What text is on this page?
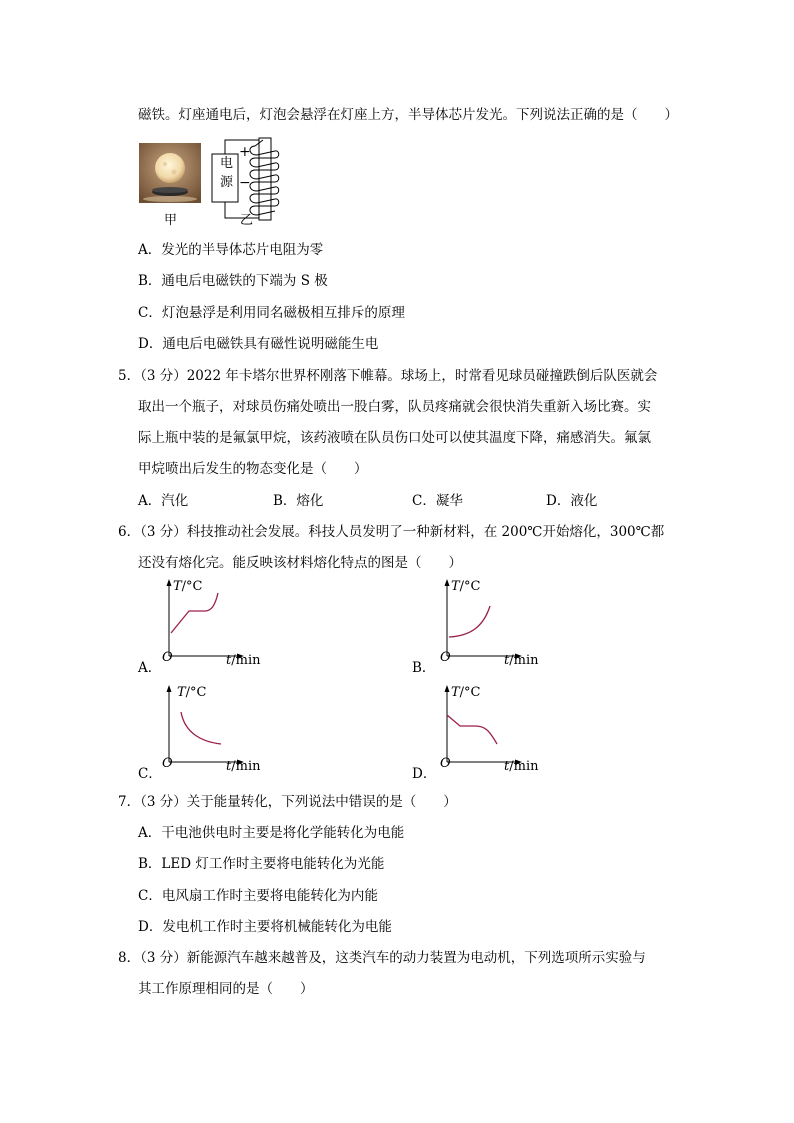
磁铁。灯座通电后，灯泡会悬浮在灯座上方，半导体芯片发光。下列说法正确的是（　　）
甲
电
源
+
−
乙
A．发光的半导体芯片电阻为零
B．通电后电磁铁的下端为 S 极
C．灯泡悬浮是利用同名磁极相互排斥的原理
D．通电后电磁铁具有磁性说明磁能生电
5．（3 分）2022 年卡塔尔世界杯刚落下帷幕。球场上，时常看见球员碰撞跌倒后队医就会
取出一个瓶子，对球员伤痛处喷出一股白雾，队员疼痛就会很快消失重新入场比赛。实
际上瓶中装的是氟氯甲烷，该药液喷在队员伤口处可以使其温度下降，痛感消失。氟氯
甲烷喷出后发生的物态变化是（　　）
A．汽化	B．熔化	C．凝华	D．液化
6．（3 分）科技推动社会发展。科技人员发明了一种新材料，在 200℃开始熔化，300℃都
还没有熔化完。能反映该材料熔化特点的图是（　　）
A．
T/°C
O	t/min	B．
T/°C
O	t/min
C．
T/°C
O	t/min	D．
T/°C
O	t/min
7．（3 分）关于能量转化，下列说法中错误的是（　　）
A．干电池供电时主要是将化学能转化为电能
B．LED 灯工作时主要将电能转化为光能
C．电风扇工作时主要将电能转化为内能
D．发电机工作时主要将机械能转化为电能
8．（3 分）新能源汽车越来越普及，这类汽车的动力装置为电动机，下列选项所示实验与
其工作原理相同的是（　　）
